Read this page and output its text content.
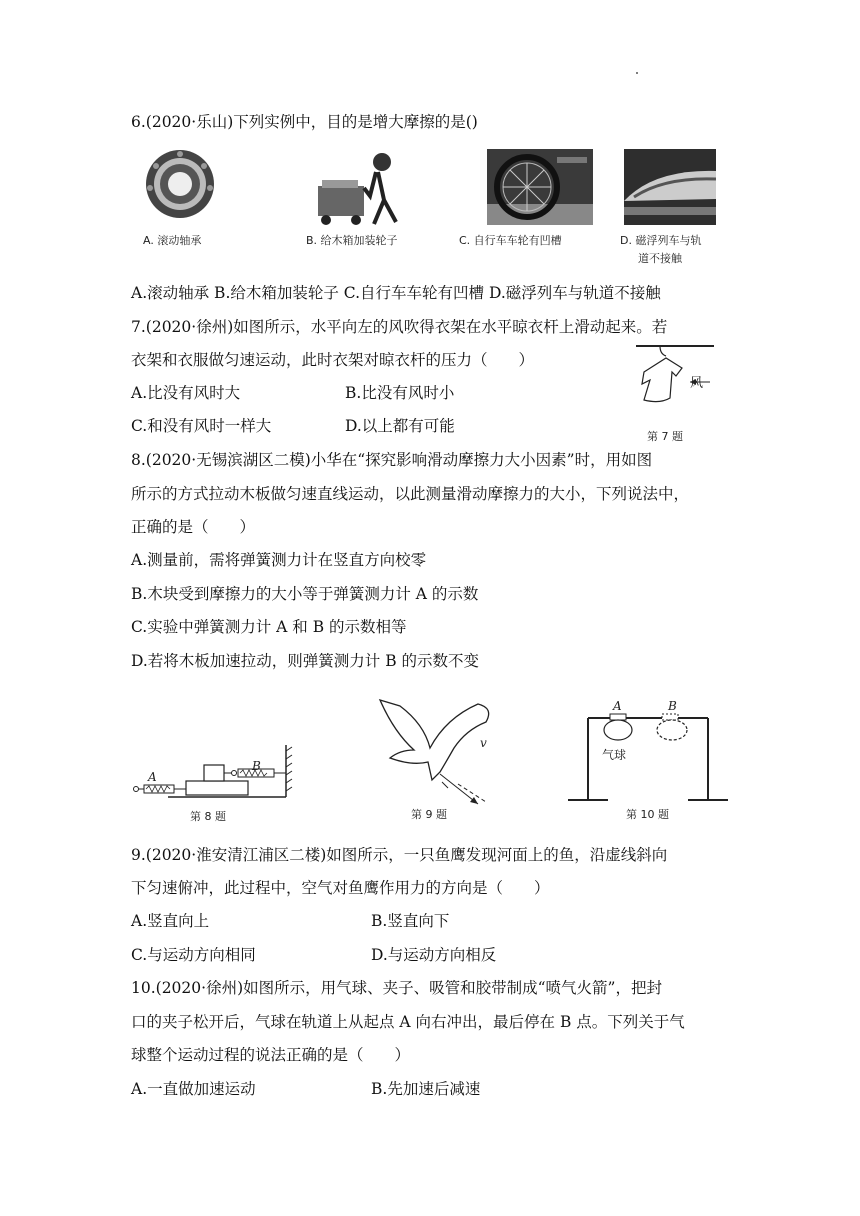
6.(2020·乐山)下列实例中，目的是增大摩擦的是()
A. 滚动轴承	B. 给木箱加装轮子	C. 自行车车轮有凹槽	D. 磁浮列车与轨
道不接触
A.滚动轴承 B.给木箱加装轮子 C.自行车车轮有凹槽 D.磁浮列车与轨道不接触
7.(2020·徐州)如图所示，水平向左的风吹得衣架在水平晾衣杆上滑动起来。若
衣架和衣服做匀速运动，此时衣架对晾衣杆的压力（　　）
A.比没有风时大	B.比没有风时小
C.和没有风时一样大	D.以上都有可能
风
第 7 题
8.(2020·无锡滨湖区二模)小华在“探究影响滑动摩擦力大小因素”时，用如图
所示的方式拉动木板做匀速直线运动，以此测量滑动摩擦力的大小，下列说法中，
正确的是（　　）
A.测量前，需将弹簧测力计在竖直方向校零
B.木块受到摩擦力的大小等于弹簧测力计 A 的示数
C.实验中弹簧测力计 A 和 B 的示数相等
D.若将木板加速拉动，则弹簧测力计 B 的示数不变
A
B
第 8 题
v
第 9 题
A	B
气球
第 10 题
9.(2020·淮安清江浦区二楼)如图所示，一只鱼鹰发现河面上的鱼，沿虚线斜向
下匀速俯冲，此过程中，空气对鱼鹰作用力的方向是（　　）
A.竖直向上	B.竖直向下
C.与运动方向相同	D.与运动方向相反
10.(2020·徐州)如图所示，用气球、夹子、吸管和胶带制成“喷气火箭”，把封
口的夹子松开后，气球在轨道上从起点 A 向右冲出，最后停在 B 点。下列关于气
球整个运动过程的说法正确的是（　　）
A.一直做加速运动	B.先加速后减速
